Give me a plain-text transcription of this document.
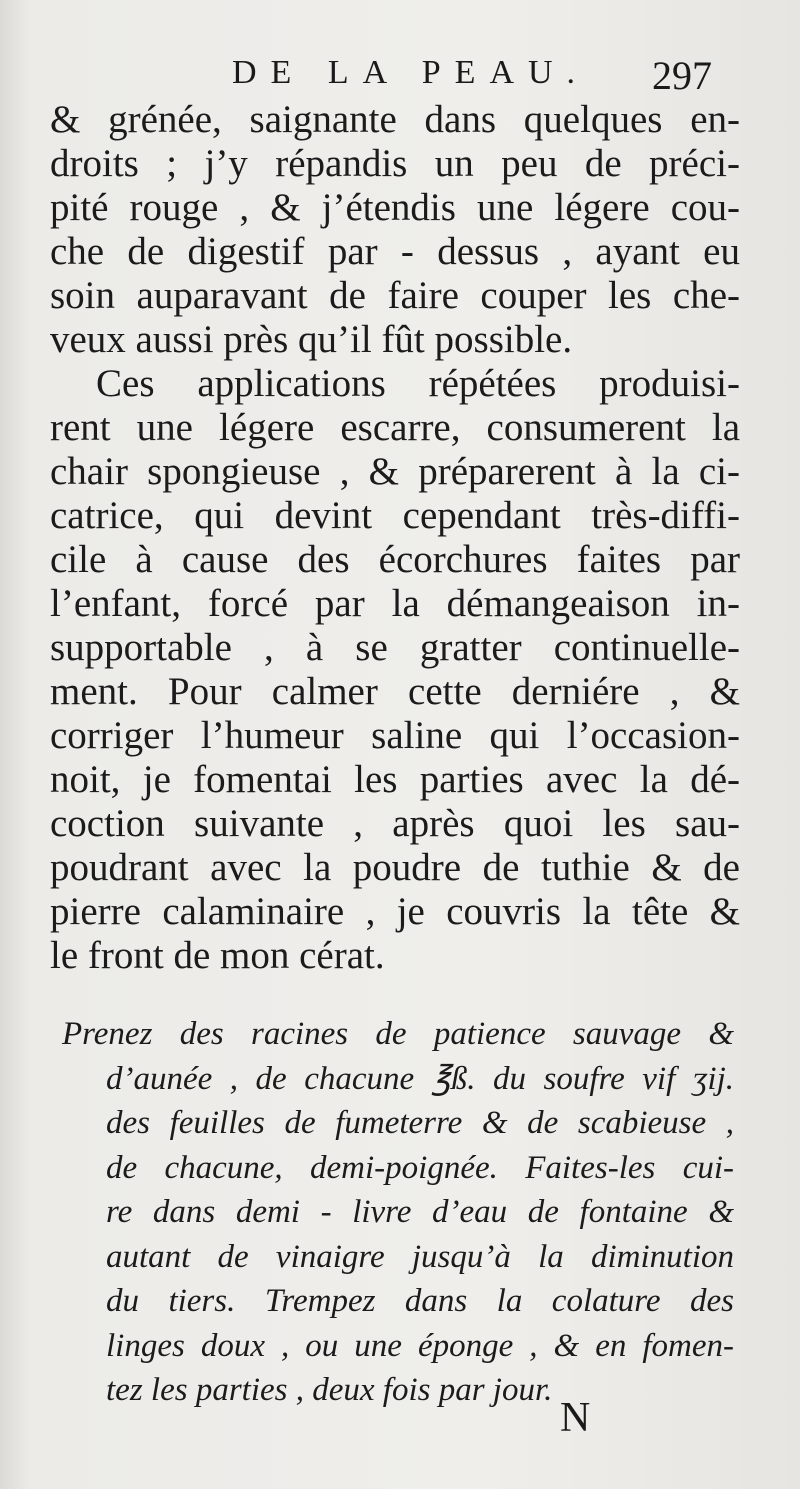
DE LA PEAU. 297
& grénée, saignante dans quelques en-
droits ; j’y répandis un peu de préci-
pité rouge , & j’étendis une légere cou-
che de digestif par - dessus , ayant eu
soin auparavant de faire couper les che-
veux aussi près qu’il fût possible.
Ces applications répétées produisi-
rent une légere escarre, consumerent la
chair spongieuse , & préparerent à la ci-
catrice, qui devint cependant très-diffi-
cile à cause des écorchures faites par
l’enfant, forcé par la démangeaison in-
supportable , à se gratter continuelle-
ment. Pour calmer cette derniére , &
corriger l’humeur saline qui l’occasion-
noit, je fomentai les parties avec la dé-
coction suivante , après quoi les sau-
poudrant avec la poudre de tuthie & de
pierre calaminaire , je couvris la tête &
le front de mon cérat.
Prenez des racines de patience sauvage &
d’aunée , de chacune ℥ß. du soufre vif ʒij.
des feuilles de fumeterre & de scabieuse ,
de chacune, demi-poignée. Faites-les cui-
re dans demi - livre d’eau de fontaine &
autant de vinaigre jusqu’à la diminution
du tiers. Trempez dans la colature des
linges doux , ou une éponge , & en fomen-
tez les parties , deux fois par jour.
N
